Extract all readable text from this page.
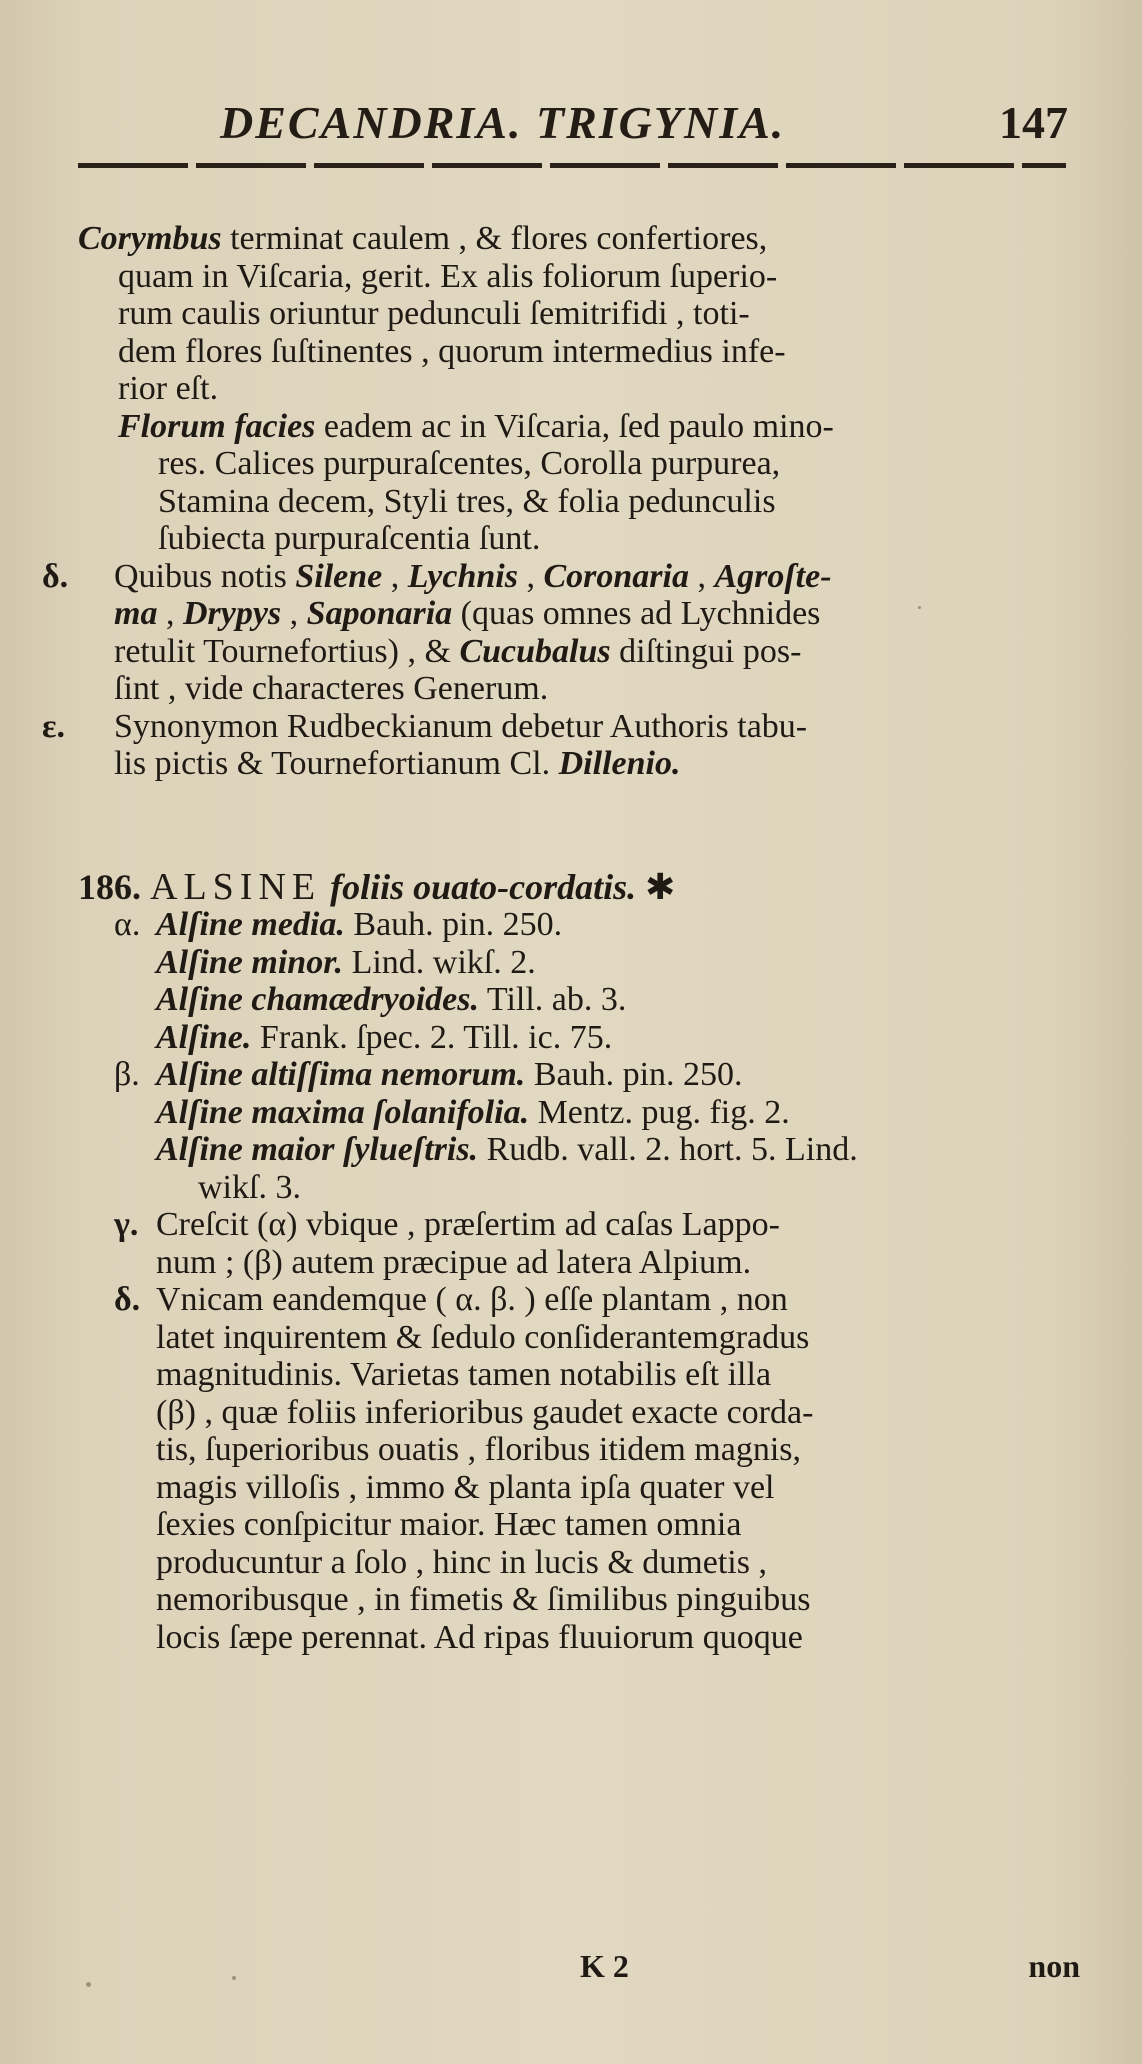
DECANDRIA. TRIGYNIA.	147

Corymbus terminat caulem , & flores confertiores,
quam in Viſcaria, gerit. Ex alis foliorum ſuperio-
rum caulis oriuntur pedunculi ſemitrifidi , toti-
dem flores ſuſtinentes , quorum intermedius infe-
rior eſt.

Florum facies eadem ac in Viſcaria, ſed paulo mino-
res. Calices purpuraſcentes, Corolla purpurea,
Stamina decem, Styli tres, & folia pedunculis
ſubiecta purpuraſcentia ſunt.

δ. Quibus notis Silene , Lychnis , Coronaria , Agroſte-
ma , Drypys , Saponaria (quas omnes ad Lychnides
retulit Tournefortius) , & Cucubalus diſtingui pos-
ſint , vide characteres Generum.

ε. Synonymon Rudbeckianum debetur Authoris tabu-
lis pictis & Tournefortianum Cl. Dillenio.

186. ALSINE foliis ouato-cordatis. ✱

α. Alſine media. Bauh. pin. 250.
Alſine minor. Lind. wikſ. 2.
Alſine chamædryoides. Till. ab. 3.
Alſine. Frank. ſpec. 2. Till. ic. 75.
β. Alſine altiſſima nemorum. Bauh. pin. 250.
Alſine maxima ſolanifolia. Mentz. pug. fig. 2.
Alſine maior ſylueſtris. Rudb. vall. 2. hort. 5. Lind.
wikſ. 3.

γ. Creſcit (α) vbique , præſertim ad caſas Lappo-
num ; (β) autem præcipue ad latera Alpium.

δ. Vnicam eandemque ( α. β. ) eſſe plantam , non
latet inquirentem & ſedulo conſiderantemgradus
magnitudinis. Varietas tamen notabilis eſt illa
(β) , quæ foliis inferioribus gaudet exacte corda-
tis, ſuperioribus ouatis , floribus itidem magnis,
magis villoſis , immo & planta ipſa quater vel
ſexies conſpicitur maior. Hæc tamen omnia
producuntur a ſolo , hinc in lucis & dumetis ,
nemoribusque , in fimetis & ſimilibus pinguibus
locis ſæpe perennat. Ad ripas fluuiorum quoque

K 2	non
